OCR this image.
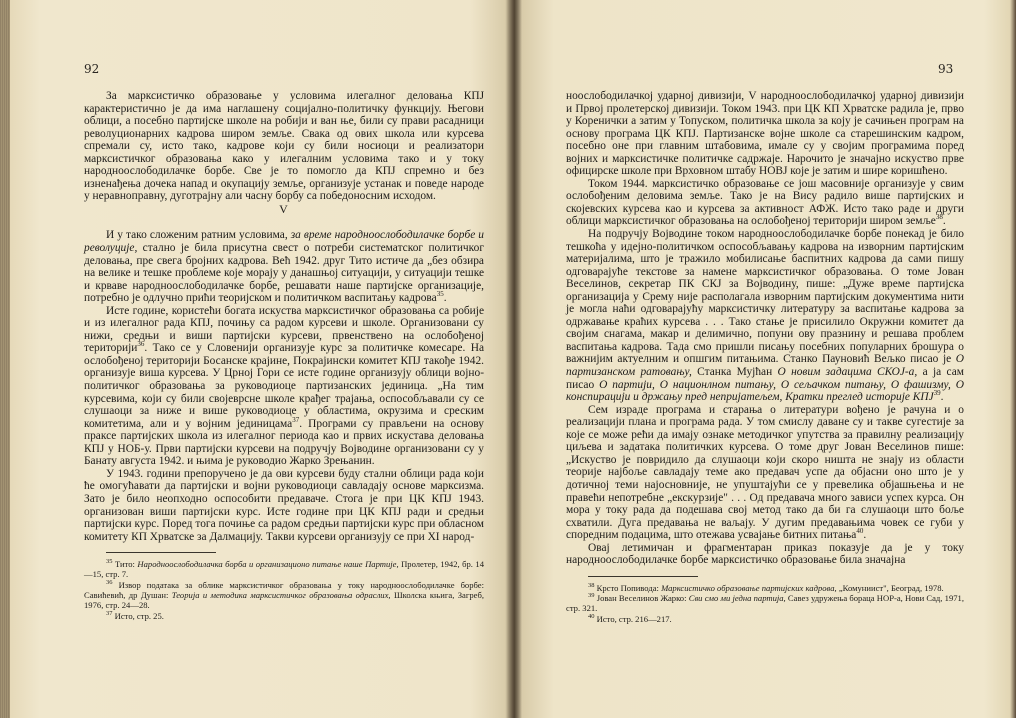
92

За марксистичко образовање у условима илегалног деловања КПЈ карактеристично је да има наглашену социјално-политичку функцију. Његови облици, а посебно партијске школе на робији и ван ње, били су прави расадници револуционарних кадрова широм земље. Свака од ових школа или курсева спремали су, исто тако, кадрове који су били носиоци и реализатори марксистичког образовања како у илегалним условима тако и у току народноослободилачке борбе. Све је то помогло да КПЈ спремно и без изненађења дочека напад и окупацију земље, организује устанак и поведе народе у неравноправну, дуготрајну али часну борбу са победоносним исходом.

V

И у тако сложеним ратним условима, за време народноослободилачке борбе и револуције, стално је била присутна свест о потреби систематског политичког деловања, пре свега бројних кадрова. Већ 1942. друг Тито истиче да „без обзира на велике и тешке проблеме које морају у данашњој ситуацији, у ситуацији тешке и крваве народноослободилачке борбе, решавати наше партијске организације, потребно је одлучно прићи теоријском и политичком васпитању кадрова$^{35}$.

Исте године, користећи богата искуства марксистичког образовања са робије и из илегалног рада КПЈ, почињу са радом курсеви и школе. Организовани су нижи, средњи и виши партијски курсеви, првенствено на ослобођеној територији$^{36}$. Тако се у Словенији организује курс за политичке комесаре. На ослобођеној територији Босанске крајине, Покрајински комитет КПЈ такође 1942. организује виша курсева. У Црној Гори се исте године организују облици војно-политичког образовања за руководиоце партизанских јединица. „На тим курсевима, који су били својеврсне школе крађег трајања, оспособљавали су се слушаоци за ниже и више руководиоце у областима, окрузима и среским комитетима, али и у војним јединицама$^{37}$. Програми су прављени на основу праксе партијских школа из илегалног периода као и првих искустава деловања КПЈ у НОБ-у. Први партијски курсеви на подручју Војводине организовани су у Банату августа 1942. и њима је руководио Жарко Зрењанин.

У 1943. години препоручено је да ови курсеви буду стални облици рада који ће омогућавати да партијски и војни руководиоци савладају основе марксизма. Зато је било неопходно оспособити предаваче. Стога је при ЦК КПЈ 1943. организован виши партијски курс. Исте године при ЦК КПЈ ради и средњи партијски курс. Поред тога почиње са радом средњи партијски курс при обласном комитету КП Хрватске за Далмацију. Такви курсеви организују се при XI народ-

$^{35}$ Тито: Народноослободилачка борба и организационо питање наше Партије, Пролетер, 1942, бр. 14—15, стр. 7.

$^{36}$ Извор података за облике марксистичког образовања у току народноослободилачке борбе: Савићевић, др Душан: Теорија и методика марксистичког образовања одраслих, Школска књига, Загреб, 1976, стр. 24—28.

$^{37}$ Исто, стр. 25.

93

ноослободилачкој ударној дивизији, V народноослободилачкој ударној дивизији и Првој пролетерској дивизији. Током 1943. при ЦК КП Хрватске радила је, прво у Коренички а затим у Топуском, политичка школа за коју је сачињен програм на основу програма ЦК КПЈ. Партизанске војне школе са старешинским кадром, посебно оне при главним штабовима, имале су у својим програмима поред војних и марксистичке политичке садржаје. Нарочито је значајно искуство прве официрске школе при Врховном штабу НОВЈ које је затим и шире коришћено.

Током 1944. марксистичко образовање се још масовније организује у свим ослобођеним деловима земље. Тако је на Вису радило више партијских и скојевских курсева као и курсева за активност АФЖ. Исто тако раде и други облици марксистичког образовања на ослобођеној територији широм земље$^{38}$.

На подручју Војводине током народноослободилачке борбе понекад је било тешкоћа у идејно-политичком оспособљавању кадрова на изворним партијским материјалима, што је тражило мобилисање баспитних кадрова да сами пишу одговарајуће текстове за намене марксистичког образовања. О томе Јован Веселинов, секретар ПК СКЈ за Војводину, пише: „Дуже време партијска организација у Срему није располагала изворним партијским документима нити је могла наћи одговарајућу марксистичку литературу за васпитање кадрова за одржавање краћих курсева . . . Тако стање је присилило Окружни комитет да својим снагама, макар и делимично, попуни ову празнину и решава проблем васпитања кадрова. Тада смо пришли писању посебних популарних брошура о важнијим актуелним и опшгим питањима. Станко Пауновић Вељко писао је О партизанском ратовању, Станка Мујћан О новим задацима СКОЈ-а, а ја сам писао О партији, О национлном питању, О сељачком питању, О фашизму, О конспирацији и држању пред непријатељем, Кратки преглед историје КПЈ$^{39}$.

Сем израде програма и старања о литератури вођено је рачуна и о реализацији плана и програма рада. У том смислу даване су и такве сугестије за које се може рећи да имају ознаке методичког упутства за правилну реализацију циљева и задатака политичких курсева. О томе друг Јован Веселинов пише: „Искуство је повридило да слушаоци који скоро ништа не знају из области теорије најбоље савладају теме ако предавач успе да објасни оно што је у дотичној теми најосновније, не упуштајући се у превелика објашњења и не правећи непотребне „екскурзије" . . . Од предавача много зависи успех курса. Он мора у току рада да подешава свој метод тако да би га слушаоци што боље схватили. Дуга предавања не ваљају. У дугим предавањима човек се губи у споредним подацима, што отежава усвајање битних питања$^{40}$.

Овај летимичан и фрагментаран приказ показује да је у току народноослободилачке борбе марксистичко образовање била значајна

$^{38}$ Крсто Попивода: Марксистичко образовање партијских кадрова, „Комуниист", Београд, 1978.

$^{39}$ Јован Веселинов Жарко: Сви смо ми једна партија, Савез удружења бораца НОР-а, Нови Сад, 1971, стр. 321.

$^{40}$ Исто, стр. 216—217.
